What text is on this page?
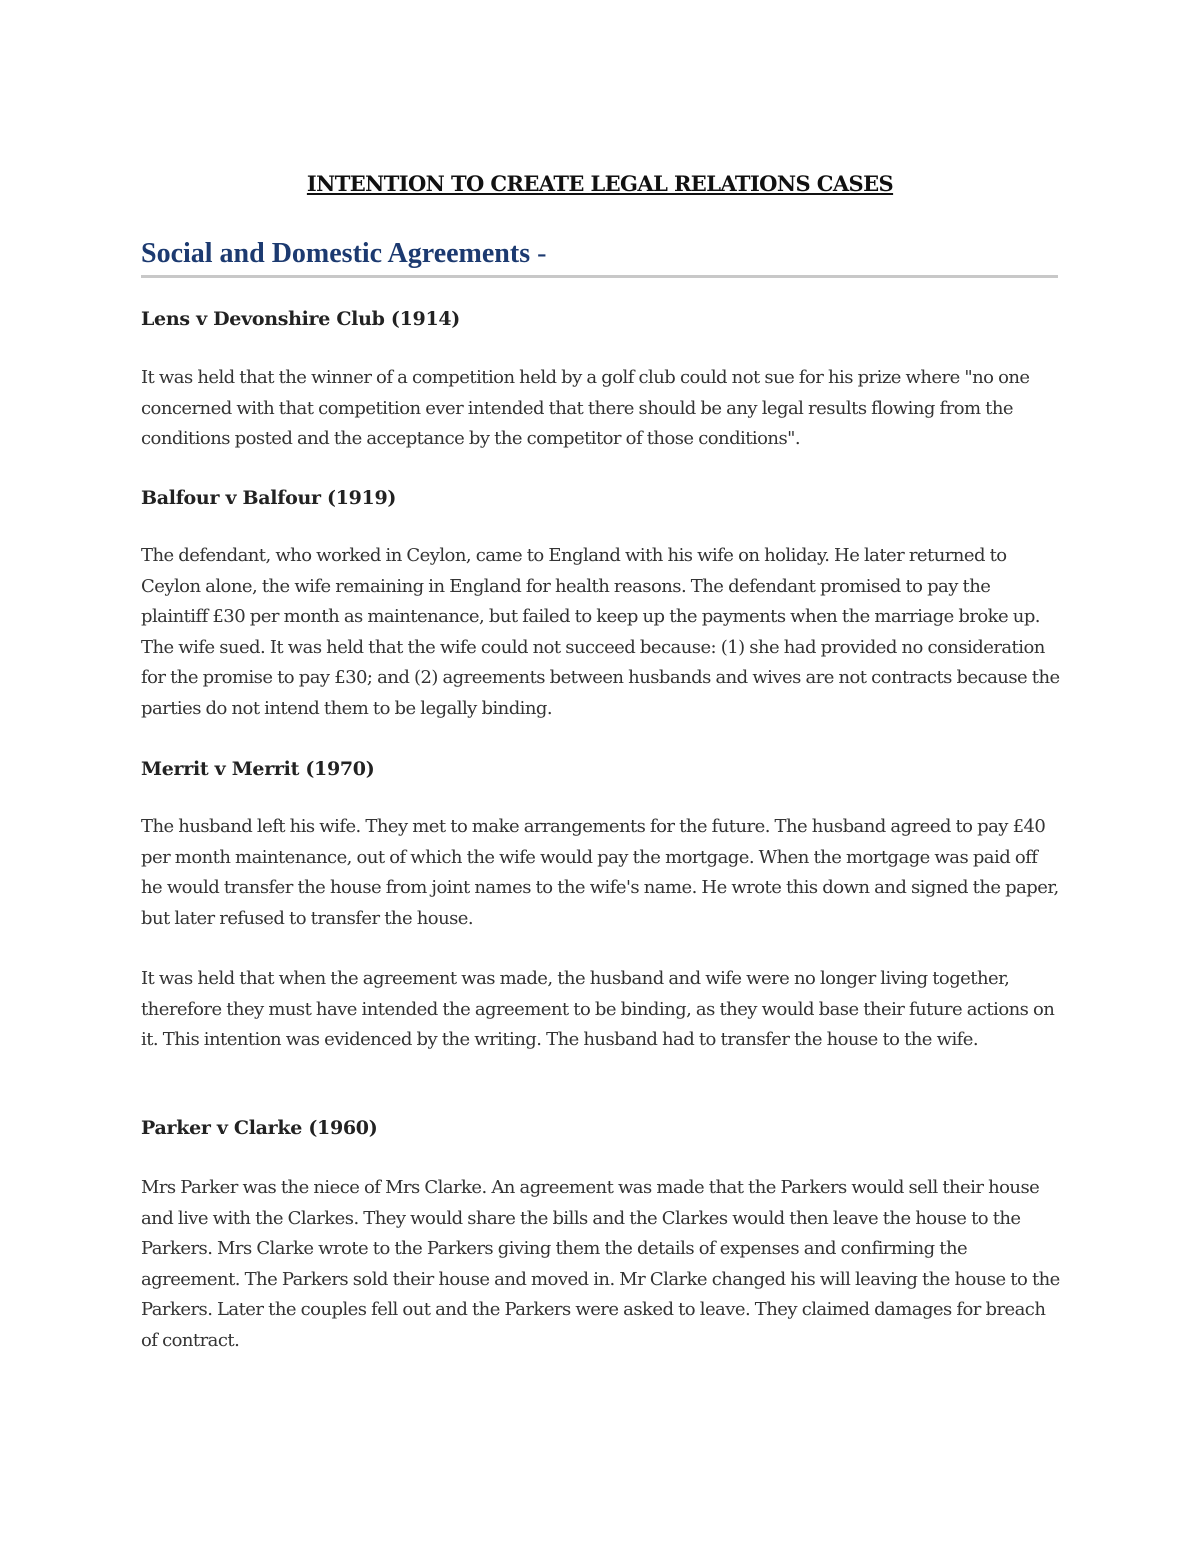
INTENTION TO CREATE LEGAL RELATIONS CASES
Social and Domestic Agreements -
Lens v Devonshire Club (1914)

It was held that the winner of a competition held by a golf club could not sue for his prize where "no one concerned with that competition ever intended that there should be any legal results flowing from the conditions posted and the acceptance by the competitor of those conditions".

Balfour v Balfour (1919)

The defendant, who worked in Ceylon, came to England with his wife on holiday. He later returned to Ceylon alone, the wife remaining in England for health reasons. The defendant promised to pay the plaintiff £30 per month as maintenance, but failed to keep up the payments when the marriage broke up. The wife sued. It was held that the wife could not succeed because: (1) she had provided no consideration for the promise to pay £30; and (2) agreements between husbands and wives are not contracts because the parties do not intend them to be legally binding.

Merrit v Merrit (1970)

The husband left his wife. They met to make arrangements for the future. The husband agreed to pay £40 per month maintenance, out of which the wife would pay the mortgage. When the mortgage was paid off he would transfer the house from joint names to the wife's name. He wrote this down and signed the paper, but later refused to transfer the house.

It was held that when the agreement was made, the husband and wife were no longer living together, therefore they must have intended the agreement to be binding, as they would base their future actions on it. This intention was evidenced by the writing. The husband had to transfer the house to the wife.

Parker v Clarke (1960)

Mrs Parker was the niece of Mrs Clarke. An agreement was made that the Parkers would sell their house and live with the Clarkes. They would share the bills and the Clarkes would then leave the house to the Parkers. Mrs Clarke wrote to the Parkers giving them the details of expenses and confirming the agreement. The Parkers sold their house and moved in. Mr Clarke changed his will leaving the house to the Parkers. Later the couples fell out and the Parkers were asked to leave. They claimed damages for breach of contract.
